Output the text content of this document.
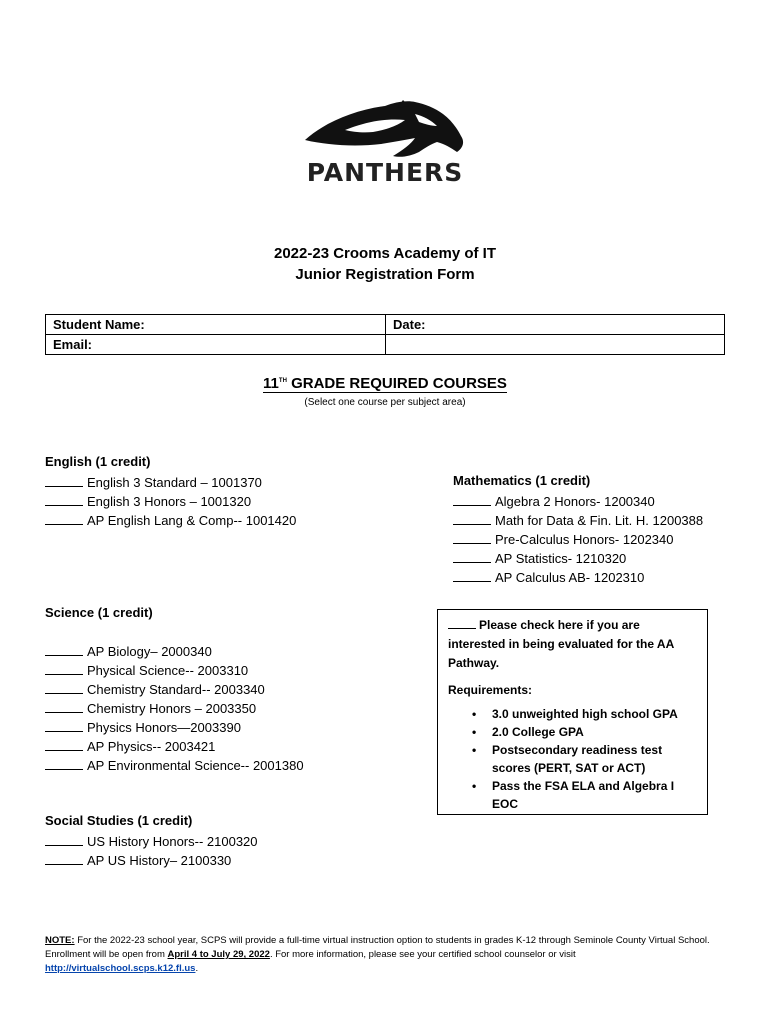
PANTHERS
2022-23 Crooms Academy of IT
Junior Registration Form
Student Name:	Date:
Email:	
11TH GRADE REQUIRED COURSES
(Select one course per subject area)
English (1 credit)
English 3 Standard – 1001370
English 3 Honors – 1001320
AP English Lang & Comp-- 1001420
Mathematics (1 credit)
Algebra 2 Honors- 1200340
Math for Data & Fin. Lit. H. 1200388
Pre-Calculus Honors- 1202340
AP Statistics- 1210320
AP Calculus AB- 1202310
Science (1 credit)
AP Biology– 2000340
Physical Science-- 2003310
Chemistry Standard-- 2003340
Chemistry Honors – 2003350
Physics Honors—2003390
AP Physics-- 2003421
AP Environmental Science-- 2001380
Please check here if you are
interested in being evaluated for the AA
Pathway.
Requirements:
• 3.0 unweighted high school GPA
• 2.0 College GPA
• Postsecondary readiness test scores (PERT, SAT or ACT)
• Pass the FSA ELA and Algebra I EOC
Social Studies (1 credit)
US History Honors-- 2100320
AP US History– 2100330
NOTE: For the 2022-23 school year, SCPS will provide a full-time virtual instruction option to students in grades K-12 through Seminole County Virtual School. Enrollment will be open from April 4 to July 29, 2022. For more information, please see your certified school counselor or visit http://virtualschool.scps.k12.fl.us.
